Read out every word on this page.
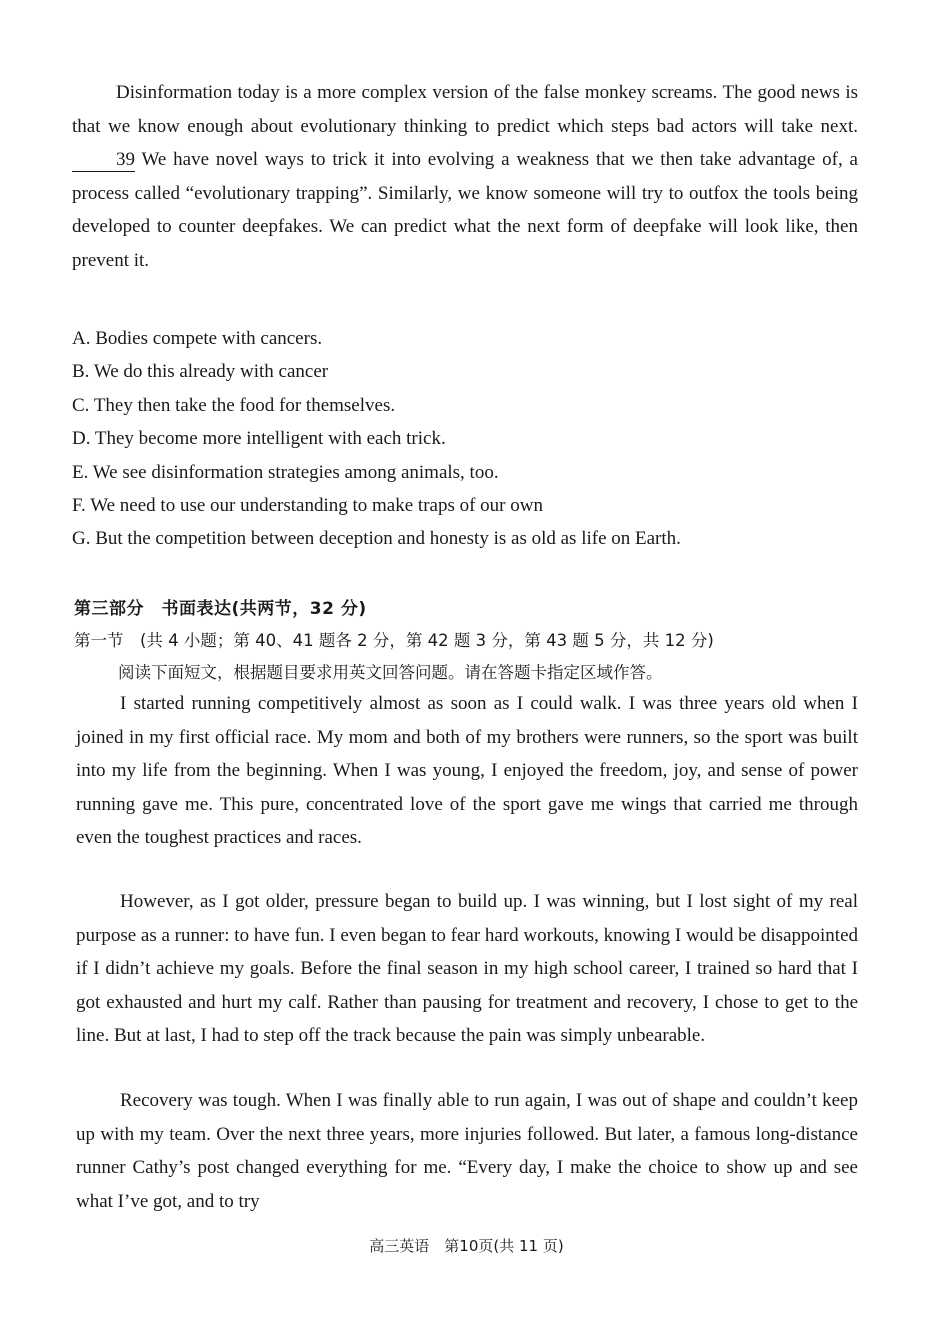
Disinformation today is a more complex version of the false monkey screams. The good news is that we know enough about evolutionary thinking to predict which steps bad actors will take next. 39 We have novel ways to trick it into evolving a weakness that we then take advantage of, a process called “evolutionary trapping”. Similarly, we know someone will try to outfox the tools being developed to counter deepfakes. We can predict what the next form of deepfake will look like, then prevent it.

A. Bodies compete with cancers.
B. We do this already with cancer
C. They then take the food for themselves.
D. They become more intelligent with each trick.
E. We see disinformation strategies among animals, too.
F. We need to use our understanding to make traps of our own
G. But the competition between deception and honesty is as old as life on Earth.

第三部分　书面表达(共两节，32 分)

第一节　(共 4 小题；第 40、41 题各 2 分，第 42 题 3 分，第 43 题 5 分，共 12 分)

阅读下面短文，根据题目要求用英文回答问题。请在答题卡指定区域作答。

I started running competitively almost as soon as I could walk. I was three years old when I joined in my first official race. My mom and both of my brothers were runners, so the sport was built into my life from the beginning. When I was young, I enjoyed the freedom, joy, and sense of power running gave me. This pure, concentrated love of the sport gave me wings that carried me through even the toughest practices and races.

However, as I got older, pressure began to build up. I was winning, but I lost sight of my real purpose as a runner: to have fun. I even began to fear hard workouts, knowing I would be disappointed if I didn’t achieve my goals. Before the final season in my high school career, I trained so hard that I got exhausted and hurt my calf. Rather than pausing for treatment and recovery, I chose to get to the line. But at last, I had to step off the track because the pain was simply unbearable.

Recovery was tough. When I was finally able to run again, I was out of shape and couldn’t keep up with my team. Over the next three years, more injuries followed. But later, a famous long-distance runner Cathy’s post changed everything for me. “Every day, I make the choice to show up and see what I’ve got, and to try

高三英语　第10页(共 11 页)
